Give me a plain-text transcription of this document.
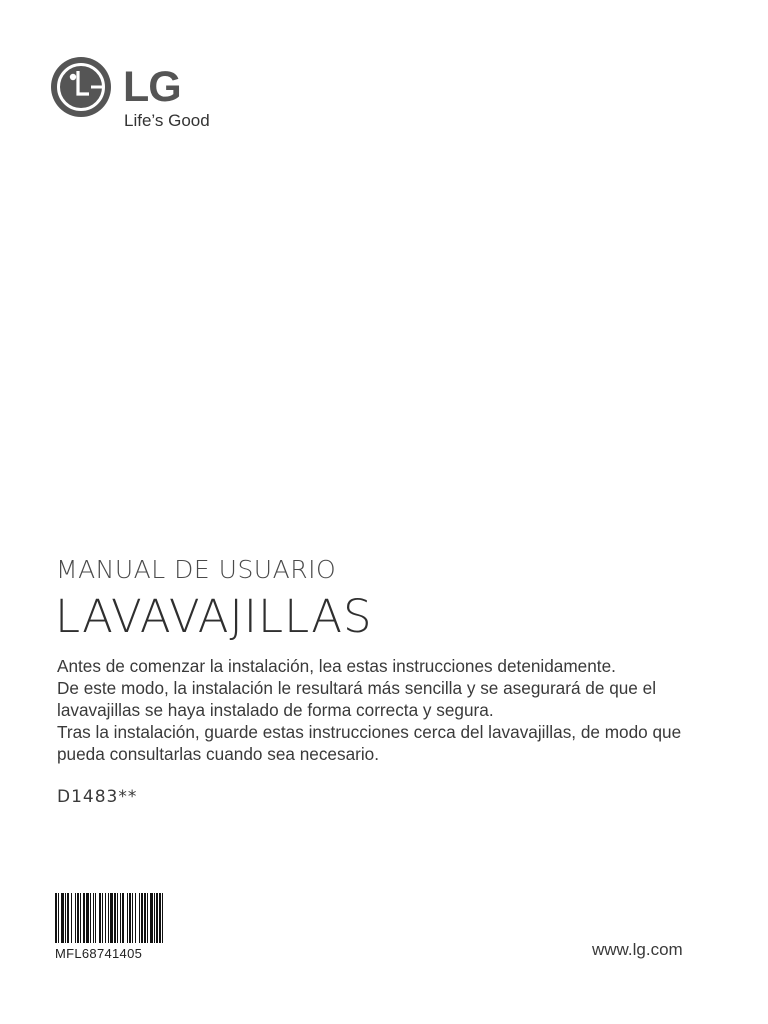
LG
Life’s Good
MANUAL DE USUARIO
LAVAVAJILLAS

Antes de comenzar la instalación, lea estas instrucciones detenidamente.

De este modo, la instalación le resultará más sencilla y se asegurará de que el lavavajillas se haya instalado de forma correcta y segura.

Tras la instalación, guarde estas instrucciones cerca del lavavajillas, de modo que pueda consultarlas cuando sea necesario.

D1483**
MFL68741405	www.lg.com
